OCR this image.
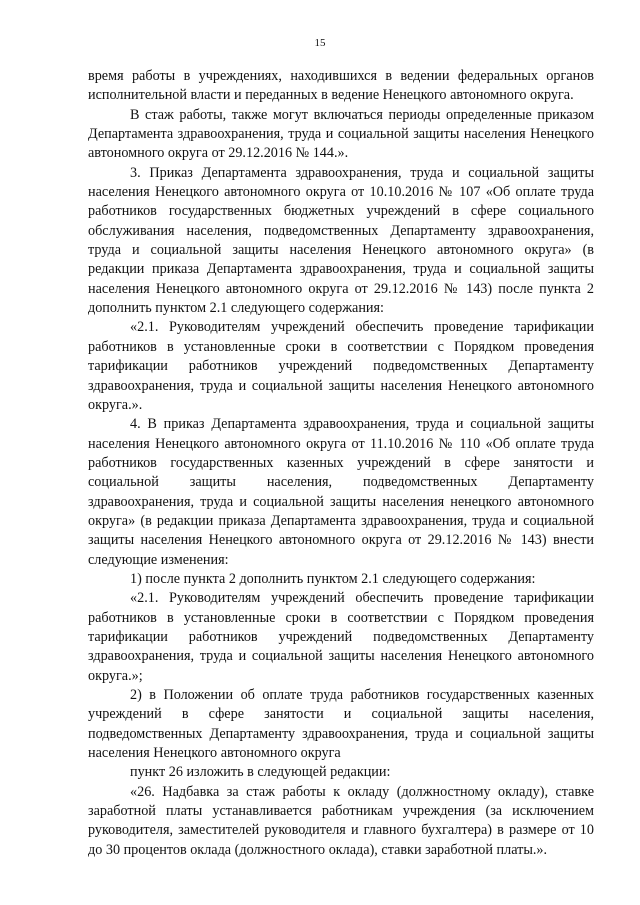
15

время работы в учреждениях, находившихся в ведении федеральных органов исполнительной власти и переданных в ведение Ненецкого автономного округа.

В стаж работы, также могут включаться периоды определенные приказом Департамента здравоохранения, труда и социальной защиты населения Ненецкого автономного округа от 29.12.2016 № 144.».

3. Приказ Департамента здравоохранения, труда и социальной защиты населения Ненецкого автономного округа от 10.10.2016 № 107 «Об оплате труда работников государственных бюджетных учреждений в сфере социального обслуживания населения, подведомственных Департаменту здравоохранения, труда и социальной защиты населения Ненецкого автономного округа» (в редакции приказа Департамента здравоохранения, труда и социальной защиты населения Ненецкого автономного округа от 29.12.2016 № 143) после пункта 2 дополнить пунктом 2.1 следующего содержания:

«2.1. Руководителям учреждений обеспечить проведение тарификации работников в установленные сроки в соответствии с Порядком проведения тарификации работников учреждений подведомственных Департаменту здравоохранения, труда и социальной защиты населения Ненецкого автономного округа.».

4. В приказ Департамента здравоохранения, труда и социальной защиты населения Ненецкого автономного округа от 11.10.2016 № 110 «Об оплате труда работников государственных казенных учреждений в сфере занятости и социальной защиты населения, подведомственных Департаменту здравоохранения, труда и социальной защиты населения ненецкого автономного округа» (в редакции приказа Департамента здравоохранения, труда и социальной защиты населения Ненецкого автономного округа от 29.12.2016 № 143) внести следующие изменения:

1) после пункта 2 дополнить пунктом 2.1 следующего содержания:

«2.1. Руководителям учреждений обеспечить проведение тарификации работников в установленные сроки в соответствии с Порядком проведения тарификации работников учреждений подведомственных Департаменту здравоохранения, труда и социальной защиты населения Ненецкого автономного округа.»;

2) в Положении об оплате труда работников государственных казенных учреждений в сфере занятости и социальной защиты населения, подведомственных Департаменту здравоохранения, труда и социальной защиты населения Ненецкого автономного округа

пункт 26 изложить в следующей редакции:

«26. Надбавка за стаж работы к окладу (должностному окладу), ставке заработной платы устанавливается работникам учреждения (за исключением руководителя, заместителей руководителя и главного бухгалтера) в размере от 10 до 30 процентов оклада (должностного оклада), ставки заработной платы.».
